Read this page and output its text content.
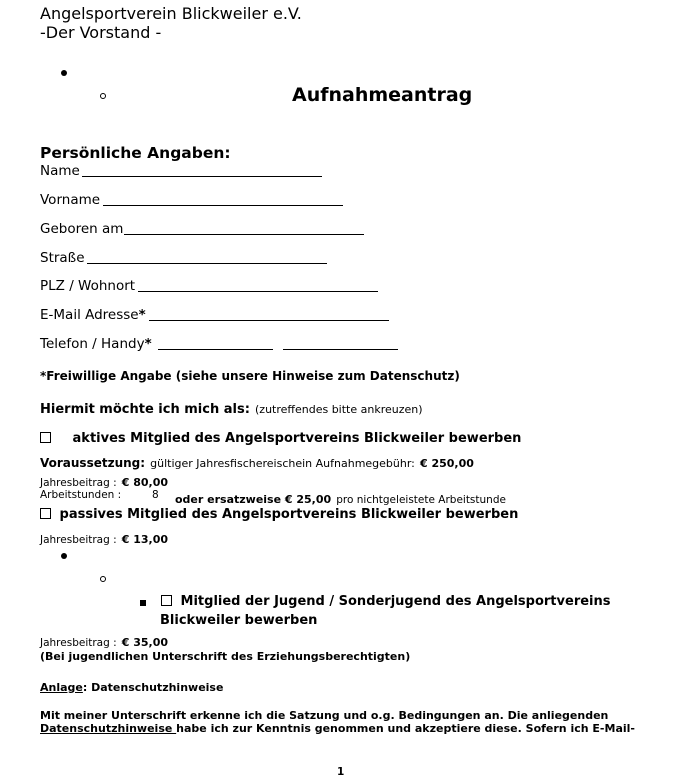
Angelsportverein Blickweiler e.V.
-Der Vorstand -
Aufnahmeantrag
Persönliche Angaben:
Name
Vorname
Geboren am
Straße
PLZ / Wohnort
E-Mail Adresse*
Telefon / Handy*
*Freiwillige Angabe (siehe unsere Hinweise zum Datenschutz)
Hiermit möchte ich mich als: (zutreffendes bitte ankreuzen)
aktives Mitglied des Angelsportvereins Blickweiler bewerben
Voraussetzung: gültiger Jahresfischereischein Aufnahmegebühr: € 250,00
Jahresbeitrag : € 80,00
Arbeitstunden :	8 oder ersatzweise € 25,00 pro nichtgeleistete Arbeitstunde
passives Mitglied des Angelsportvereins Blickweiler bewerben
Jahresbeitrag : € 13,00
Mitglied der Jugend / Sonderjugend des Angelsportvereins
Blickweiler bewerben
Jahresbeitrag : € 35,00
(Bei jugendlichen Unterschrift des Erziehungsberechtigten)
Anlage: Datenschutzhinweise
Mit meiner Unterschrift erkenne ich die Satzung und o.g. Bedingungen an. Die anliegenden
Datenschutzhinweise habe ich zur Kenntnis genommen und akzeptiere diese. Sofern ich E-Mail-
1
